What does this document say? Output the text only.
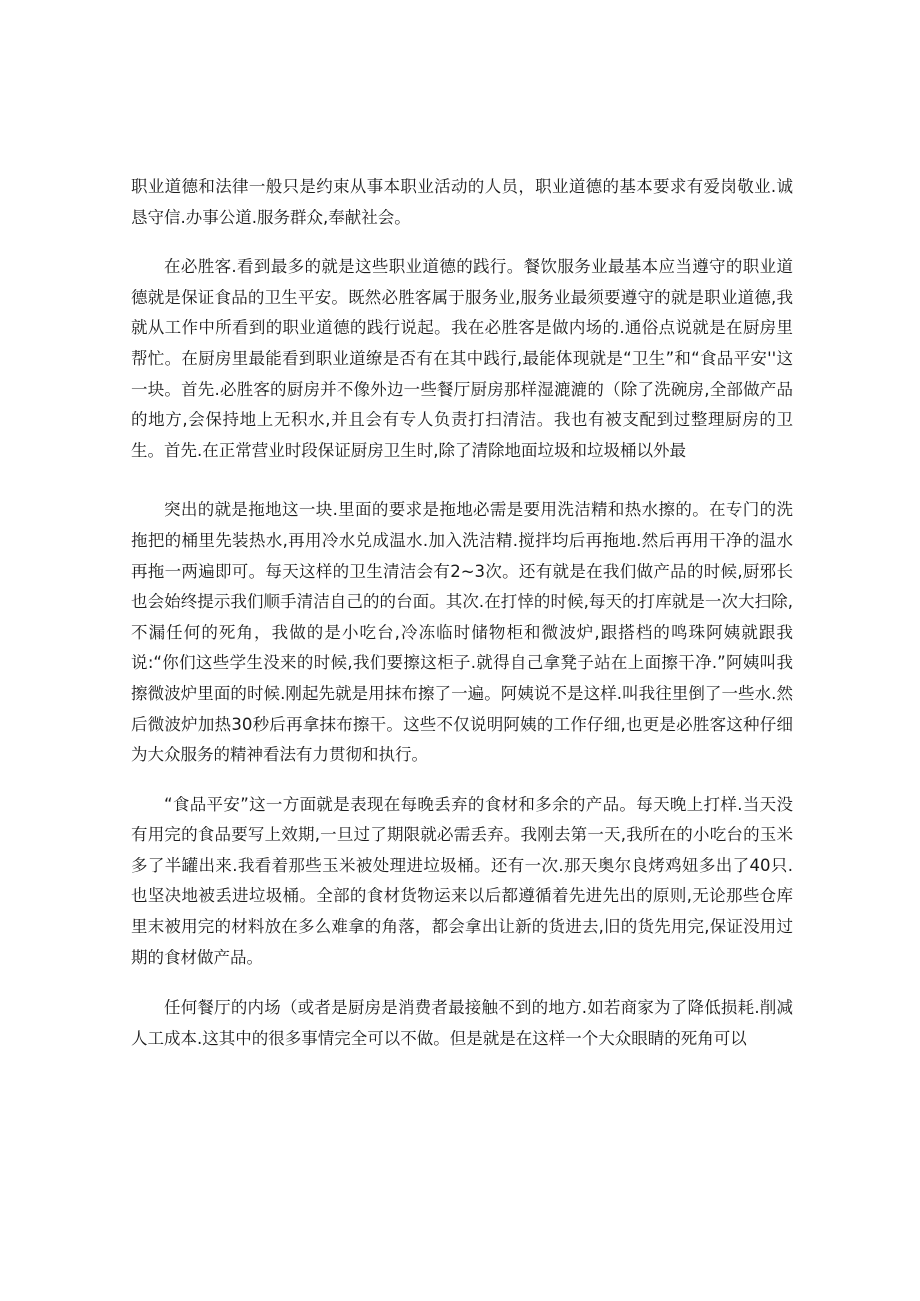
职业道德和法律一般只是约束从事本职业活动的人员，职业道德的基本要求有爱岗敬业.诚恳守信.办事公道.服务群众,奉献社会。

在必胜客.看到最多的就是这些职业道德的践行。餐饮服务业最基本应当遵守的职业道德就是保证食品的卫生平安。既然必胜客属于服务业,服务业最须要遵守的就是职业道德,我就从工作中所看到的职业道德的践行说起。我在必胜客是做内场的.通俗点说就是在厨房里帮忙。在厨房里最能看到职业道缭是否有在其中践行,最能体现就是“卫生”和“食品平安''这一块。首先.必胜客的厨房并不像外边一些餐厅厨房那样湿漉漉的（除了洗碗房,全部做产品的地方,会保持地上无积水,并且会有专人负责打扫清洁。我也有被支配到过整理厨房的卫生。首先.在正常营业时段保证厨房卫生时,除了清除地面垃圾和垃圾桶以外最

突出的就是拖地这一块.里面的要求是拖地必需是要用洗洁精和热水擦的。在专门的洗拖把的桶里先装热水,再用冷水兑成温水.加入洗洁精.搅拌均后再拖地.然后再用干净的温水再拖一两遍即可。每天这样的卫生清洁会有2~3次。还有就是在我们做产品的时候,厨邪长也会始终提示我们顺手清洁自己的的台面。其次.在打悻的时候,每天的打库就是一次大扫除,不漏任何的死角，我做的是小吃台,冷冻临时储物柜和微波炉,跟搭档的鸣珠阿姨就跟我说:“你们这些学生没来的时候,我们要擦这柜子.就得自己拿凳子站在上面擦干净.”阿姨叫我擦微波炉里面的时候.刚起先就是用抹布擦了一遍。阿姨说不是这样.叫我往里倒了一些水.然后微波炉加热30秒后再拿抹布擦干。这些不仅说明阿姨的工作仔细,也更是必胜客这种仔细为大众服务的精神看法有力贯彻和执行。

“食品平安”这一方面就是表现在每晚丢弃的食材和多余的产品。每天晚上打样.当天没有用完的食品要写上效期,一旦过了期限就必需丢弃。我刚去第一天,我所在的小吃台的玉米多了半罐出来.我看着那些玉米被处理进垃圾桶。还有一次.那天奥尔良烤鸡妞多出了40只.也坚决地被丢进垃圾桶。全部的食材货物运来以后都遵循着先进先出的原则,无论那些仓库里末被用完的材料放在多么难拿的角落，都会拿出让新的货进去,旧的货先用完,保证没用过期的食材做产品。

任何餐厅的内场（或者是厨房是消费者最接触不到的地方.如若商家为了降低损耗.削减人工成本.这其中的很多事情完全可以不做。但是就是在这样一个大众眼睛的死角可以
